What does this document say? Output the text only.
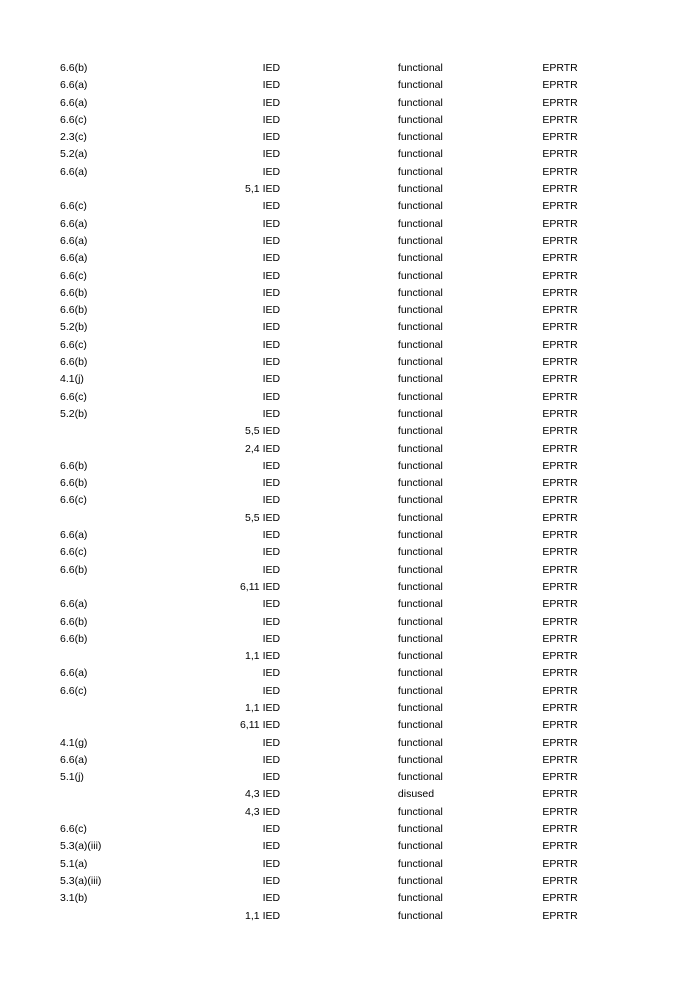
6.6(b)		IED	functional	EPRTR
6.6(a)		IED	functional	EPRTR
6.6(a)		IED	functional	EPRTR
6.6(c)		IED	functional	EPRTR
2.3(c)		IED	functional	EPRTR
5.2(a)		IED	functional	EPRTR
6.6(a)		IED	functional	EPRTR
	5,1	IED	functional	EPRTR
6.6(c)		IED	functional	EPRTR
6.6(a)		IED	functional	EPRTR
6.6(a)		IED	functional	EPRTR
6.6(a)		IED	functional	EPRTR
6.6(c)		IED	functional	EPRTR
6.6(b)		IED	functional	EPRTR
6.6(b)		IED	functional	EPRTR
5.2(b)		IED	functional	EPRTR
6.6(c)		IED	functional	EPRTR
6.6(b)		IED	functional	EPRTR
4.1(j)		IED	functional	EPRTR
6.6(c)		IED	functional	EPRTR
5.2(b)		IED	functional	EPRTR
	5,5	IED	functional	EPRTR
	2,4	IED	functional	EPRTR
6.6(b)		IED	functional	EPRTR
6.6(b)		IED	functional	EPRTR
6.6(c)		IED	functional	EPRTR
	5,5	IED	functional	EPRTR
6.6(a)		IED	functional	EPRTR
6.6(c)		IED	functional	EPRTR
6.6(b)		IED	functional	EPRTR
	6,11	IED	functional	EPRTR
6.6(a)		IED	functional	EPRTR
6.6(b)		IED	functional	EPRTR
6.6(b)		IED	functional	EPRTR
	1,1	IED	functional	EPRTR
6.6(a)		IED	functional	EPRTR
6.6(c)		IED	functional	EPRTR
	1,1	IED	functional	EPRTR
	6,11	IED	functional	EPRTR
4.1(g)		IED	functional	EPRTR
6.6(a)		IED	functional	EPRTR
5.1(j)		IED	functional	EPRTR
	4,3	IED	disused	EPRTR
	4,3	IED	functional	EPRTR
6.6(c)		IED	functional	EPRTR
5.3(a)(iii)		IED	functional	EPRTR
5.1(a)		IED	functional	EPRTR
5.3(a)(iii)		IED	functional	EPRTR
3.1(b)		IED	functional	EPRTR
	1,1	IED	functional	EPRTR
